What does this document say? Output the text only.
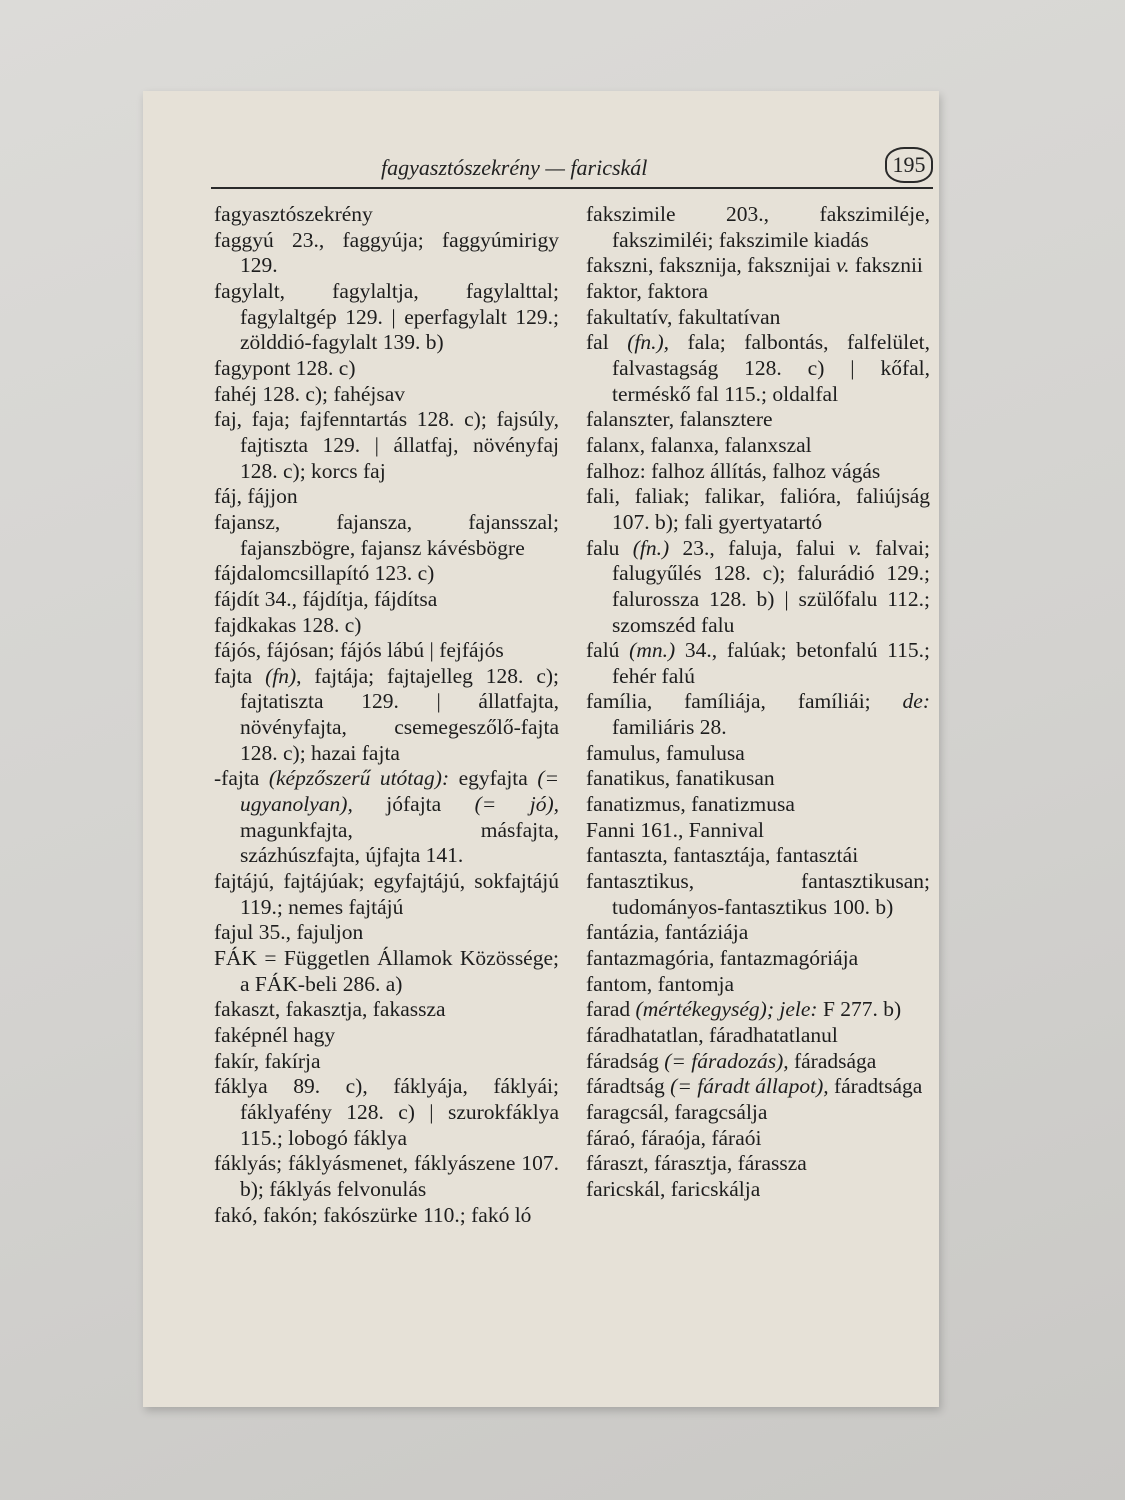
fagyasztószekrény — faricskál	195

fagyasztószekrény

faggyú 23., faggyúja; faggyúmirigy 129.

fagylalt, fagylaltja, fagylalttal; fagylaltgép 129. | eperfagylalt 129.; zölddió-fagylalt 139. b)

fagypont 128. c)

fahéj 128. c); fahéjsav

faj, faja; fajfenntartás 128. c); fajsúly, fajtiszta 129. | állatfaj, növényfaj 128. c); korcs faj

fáj, fájjon

fajansz, fajansza, fajansszal; fajanszbögre, fajansz kávésbögre

fájdalomcsillapító 123. c)

fájdít 34., fájdítja, fájdítsa

fajdkakas 128. c)

fájós, fájósan; fájós lábú | fejfájós

fajta (fn), fajtája; fajtajelleg 128. c); fajtatiszta 129. | állatfajta, növényfajta, csemegeszőlő-fajta 128. c); hazai fajta

-fajta (képzőszerű utótag): egyfajta (= ugyanolyan), jófajta (= jó), magunkfajta, másfajta, százhúszfajta, újfajta 141.

fajtájú, fajtájúak; egyfajtájú, sokfajtájú 119.; nemes fajtájú

fajul 35., fajuljon

FÁK = Független Államok Közössége; a FÁK-beli 286. a)

fakaszt, fakasztja, fakassza

faképnél hagy

fakír, fakírja

fáklya 89. c), fáklyája, fáklyái; fáklyafény 128. c) | szurokfáklya 115.; lobogó fáklya

fáklyás; fáklyásmenet, fáklyászene 107. b); fáklyás felvonulás

fakó, fakón; fakószürke 110.; fakó ló

fakszimile 203., fakszimiléje, fakszimiléi; fakszimile kiadás

fakszni, faksznija, faksznijai v. fakszniі

faktor, faktora

fakultatív, fakultatívan

fal (fn.), fala; falbontás, falfelület, falvastagság 128. c) | kőfal, terméskő fal 115.; oldalfal

falanszter, falansztere

falanx, falanxa, falanxszal

falhoz: falhoz állítás, falhoz vágás

fali, faliak; falikar, falióra, faliújság 107. b); fali gyertyatartó

falu (fn.) 23., faluja, falui v. falvai; falugyűlés 128. c); falurádió 129.; falurossza 128. b) | szülőfalu 112.; szomszéd falu

falú (mn.) 34., falúak; betonfalú 115.; fehér falú

família, famíliája, famíliái; de: familiáris 28.

famulus, famulusa

fanatikus, fanatikusan

fanatizmus, fanatizmusa

Fanni 161., Fannival

fantaszta, fantasztája, fantasztái

fantasztikus, fantasztikusan; tudományos-fantasztikus 100. b)

fantázia, fantáziája

fantazmagória, fantazmagóriája

fantom, fantomja

farad (mértékegység); jele: F 277. b)

fáradhatatlan, fáradhatatlanul

fáradság (= fáradozás), fáradsága

fáradtság (= fáradt állapot), fáradtsága

faragcsál, faragcsálja

fáraó, fáraója, fáraói

fáraszt, fárasztja, fárassza

faricskál, faricskálja
